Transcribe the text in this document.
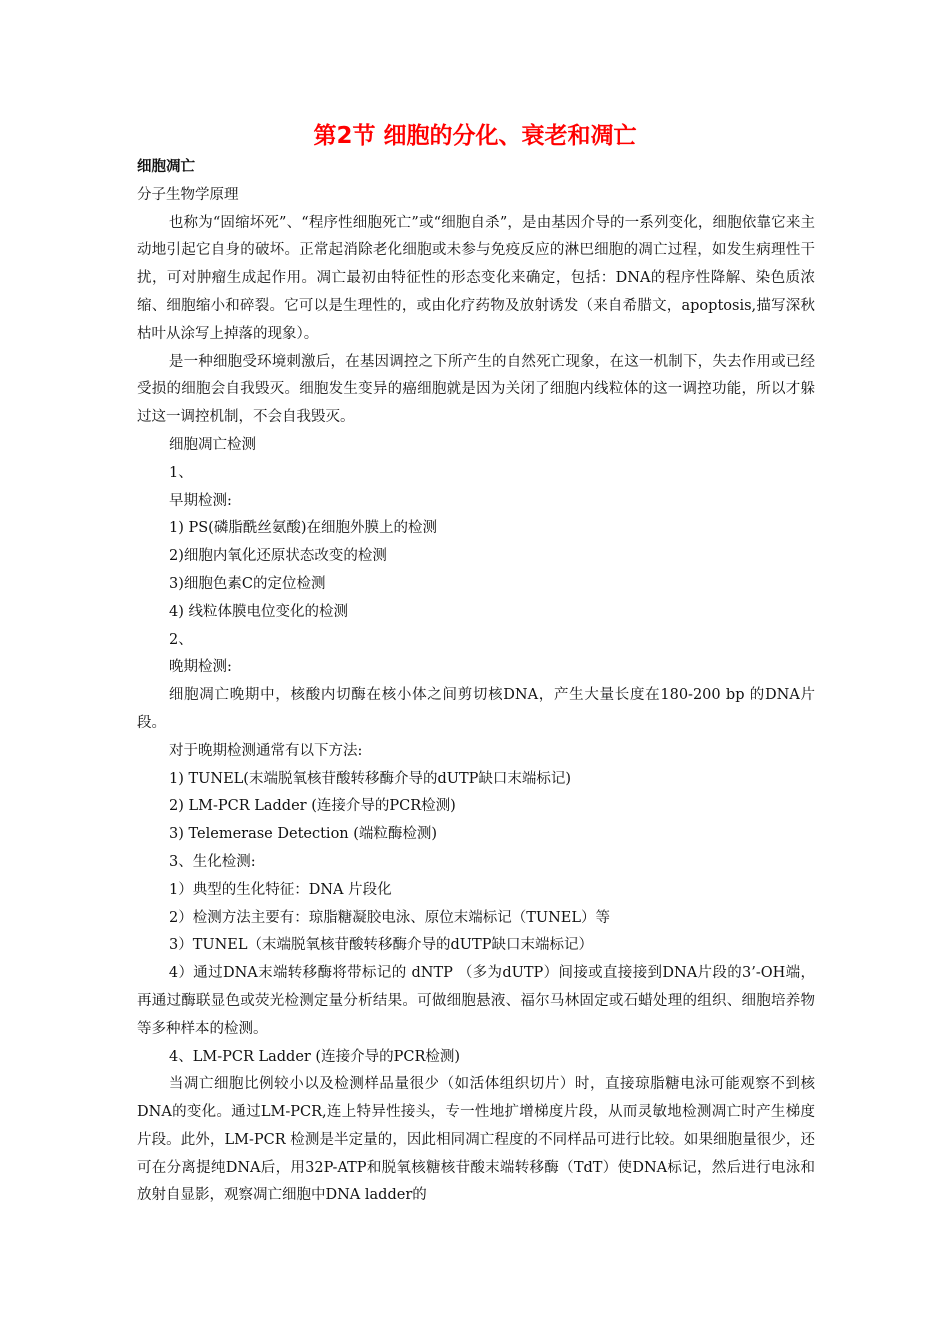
第2节 细胞的分化、衰老和凋亡

细胞凋亡

分子生物学原理

也称为“固缩坏死”、“程序性细胞死亡”或“细胞自杀”，是由基因介导的一系列变化，细胞依靠它来主动地引起它自身的破坏。正常起消除老化细胞或未参与免疫反应的淋巴细胞的凋亡过程，如发生病理性干扰，可对肿瘤生成起作用。凋亡最初由特征性的形态变化来确定，包括：DNA的程序性降解、染色质浓缩、细胞缩小和碎裂。它可以是生理性的，或由化疗药物及放射诱发（来自希腊文，apoptosis,描写深秋枯叶从涂写上掉落的现象）。

是一种细胞受环境刺激后，在基因调控之下所产生的自然死亡现象，在这一机制下，失去作用或已经受损的细胞会自我毁灭。细胞发生变异的癌细胞就是因为关闭了细胞内线粒体的这一调控功能，所以才躲过这一调控机制，不会自我毁灭。

细胞凋亡检测

1、

早期检测:

1) PS(磷脂酰丝氨酸)在细胞外膜上的检测

2)细胞内氧化还原状态改变的检测

3)细胞色素C的定位检测

4) 线粒体膜电位变化的检测

2、

晚期检测:

细胞凋亡晚期中，核酸内切酶在核小体之间剪切核DNA，产生大量长度在180-200 bp 的DNA片段。

对于晚期检测通常有以下方法:

1) TUNEL(末端脱氧核苷酸转移酶介导的dUTP缺口末端标记)

2) LM-PCR Ladder (连接介导的PCR检测)

3) Telemerase Detection (端粒酶检测)

3、生化检测:

1）典型的生化特征：DNA 片段化

2）检测方法主要有：琼脂糖凝胶电泳、原位末端标记（TUNEL）等

3）TUNEL（末端脱氧核苷酸转移酶介导的dUTP缺口末端标记）

4）通过DNA末端转移酶将带标记的 dNTP （多为dUTP）间接或直接接到DNA片段的3’-OH端，再通过酶联显色或荧光检测定量分析结果。可做细胞悬液、福尔马林固定或石蜡处理的组织、细胞培养物等多种样本的检测。

4、LM-PCR Ladder (连接介导的PCR检测)

当凋亡细胞比例较小以及检测样品量很少（如活体组织切片）时，直接琼脂糖电泳可能观察不到核DNA的变化。通过LM-PCR,连上特异性接头，专一性地扩增梯度片段，从而灵敏地检测凋亡时产生梯度片段。此外，LM-PCR 检测是半定量的，因此相同凋亡程度的不同样品可进行比较。如果细胞量很少，还可在分离提纯DNA后，用32P-ATP和脱氧核糖核苷酸末端转移酶（TdT）使DNA标记，然后进行电泳和放射自显影，观察凋亡细胞中DNA ladder的
